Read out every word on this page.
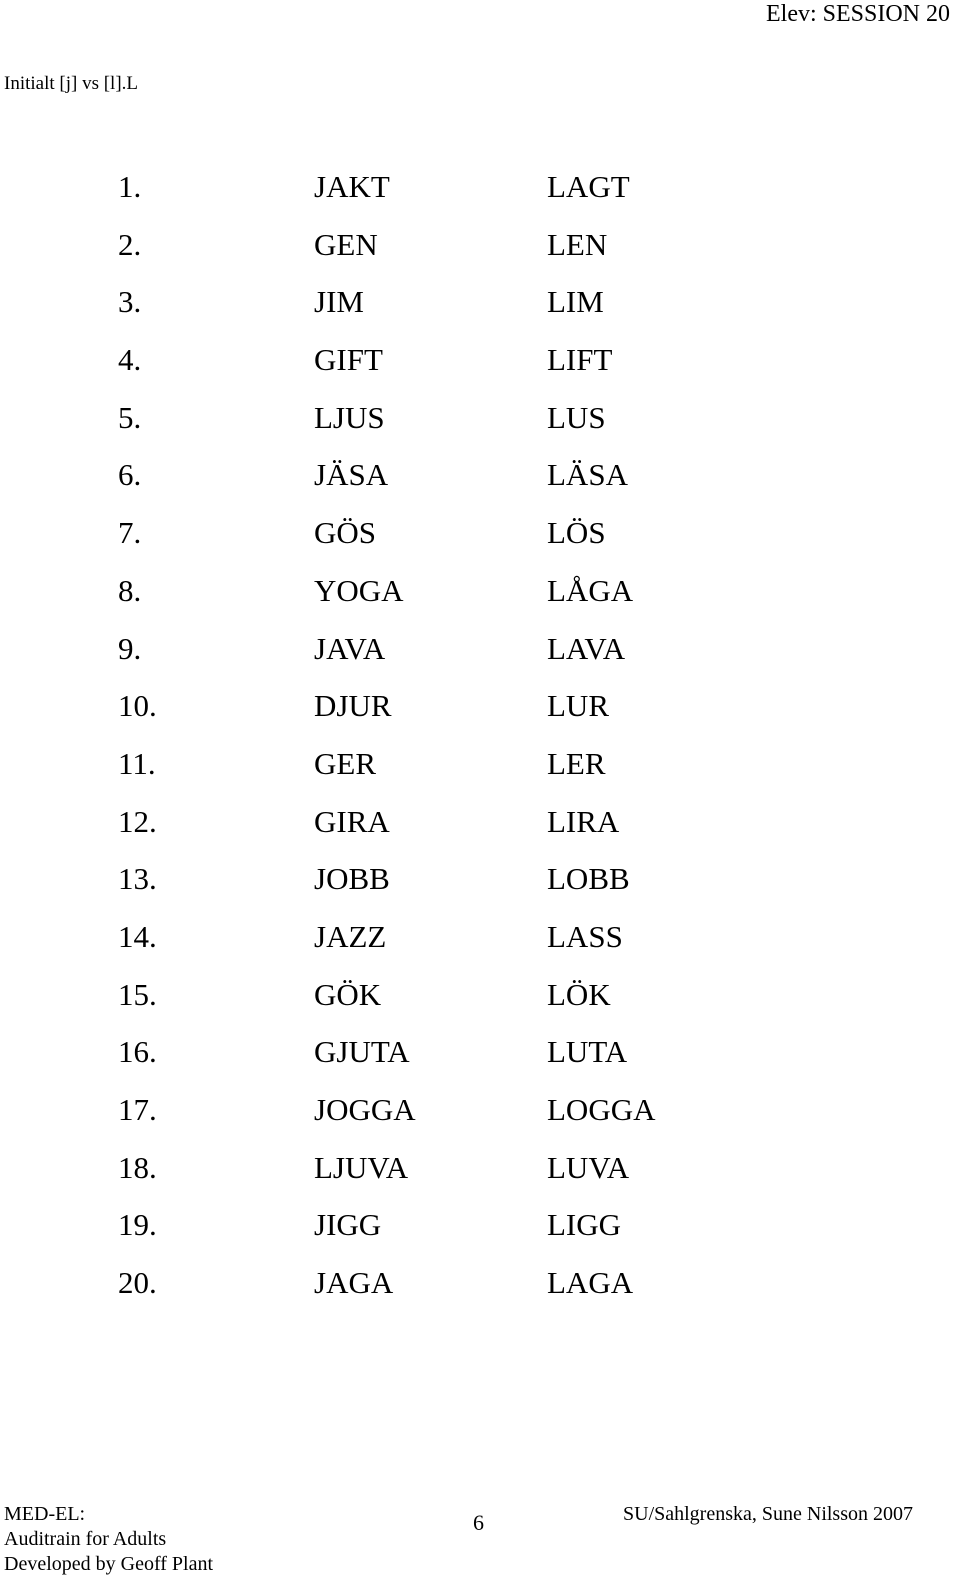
Elev: SESSION 20
Initialt [j] vs [l].L
1.	JAKT	LAGT
2.	GEN	LEN
3.	JIM	LIM
4.	GIFT	LIFT
5.	LJUS	LUS
6.	JÄSA	LÄSA
7.	GÖS	LÖS
8.	YOGA	LÅGA
9.	JAVA	LAVA
10.	DJUR	LUR
11.	GER	LER
12.	GIRA	LIRA
13.	JOBB	LOBB
14.	JAZZ	LASS
15.	GÖK	LÖK
16.	GJUTA	LUTA
17.	JOGGA	LOGGA
18.	LJUVA	LUVA
19.	JIGG	LIGG
20.	JAGA	LAGA
MED-EL:
Auditrain for Adults
Developed by Geoff Plant
6	SU/Sahlgrenska, Sune Nilsson 2007
